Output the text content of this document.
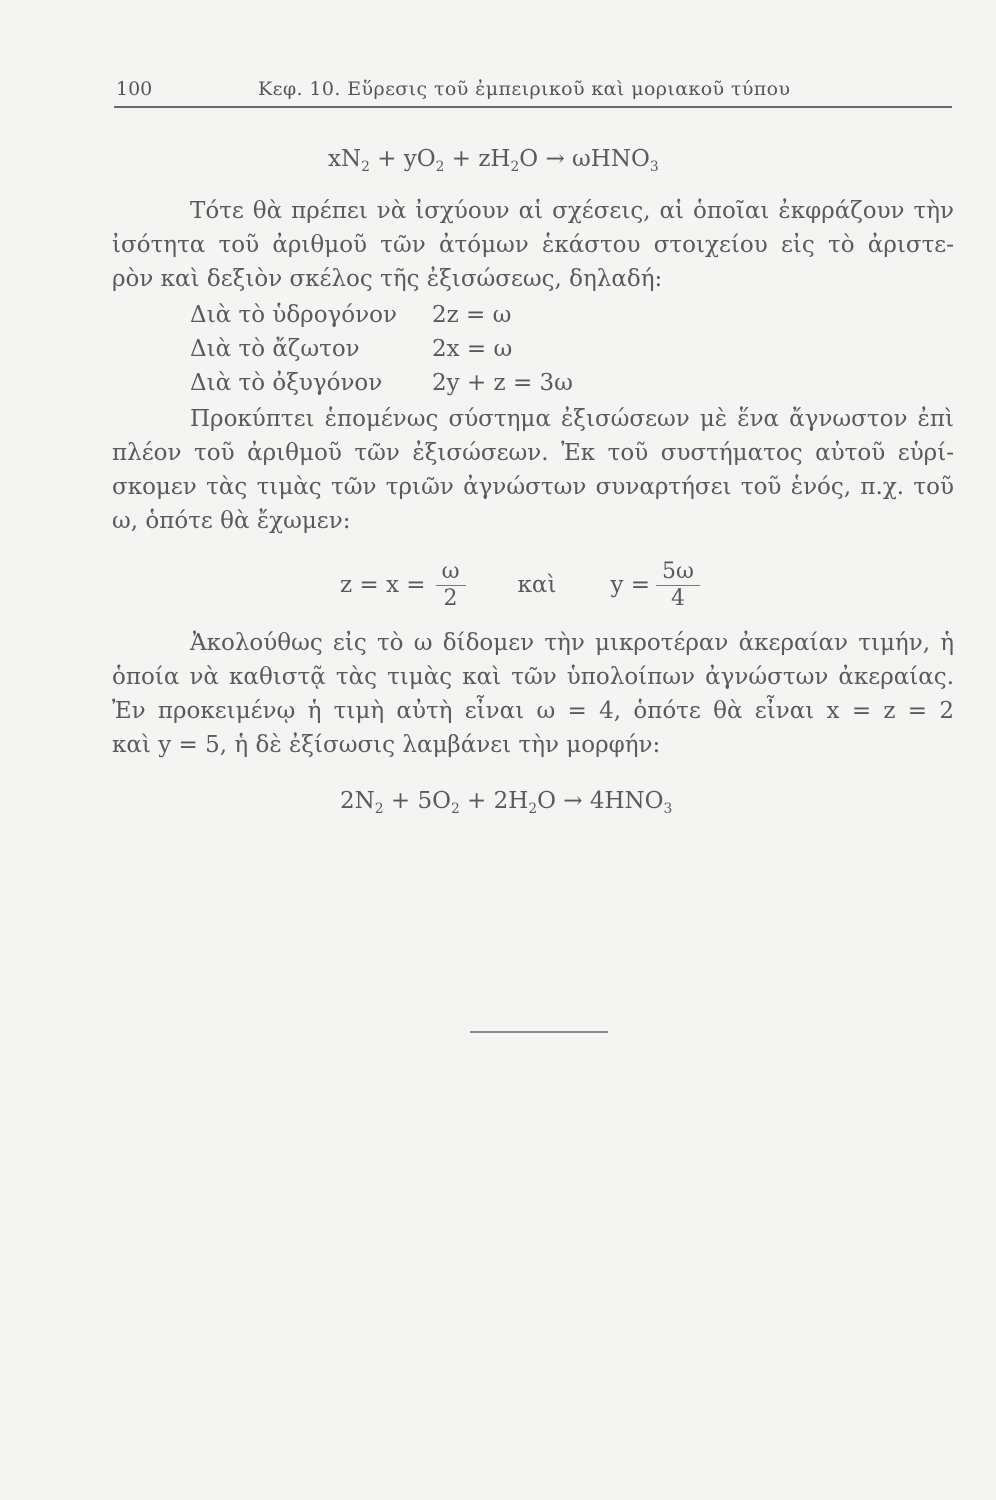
100	Κεφ. 10. Εὕρεσις τοῦ ἐμπειρικοῦ καὶ μοριακοῦ τύπου
$xN_2 + yO_2 + zH_2O \to \omega HNO_3$
Τότε θὰ πρέπει νὰ ἰσχύουν αἱ σχέσεις, αἱ ὁποῖαι ἐκφράζουν τὴν
ἰσότητα τοῦ ἀριθμοῦ τῶν ἀτόμων ἑκάστου στοιχείου εἰς τὸ ἀριστε-
ρὸν καὶ δεξιὸν σκέλος τῆς ἐξισώσεως, δηλαδή:
Διὰ τὸ ὑδρογόνον 2z = ω
Διὰ τὸ ἄζωτον	2x = ω
Διὰ τὸ ὀξυγόνον 2y + z = 3ω
Προκύπτει ἑπομένως σύστημα ἐξισώσεων μὲ ἕνα ἄγνωστον ἐπὶ
πλέον τοῦ ἀριθμοῦ τῶν ἐξισώσεων. Ἐκ τοῦ συστήματος αὐτοῦ εὑρί-
σκομεν τὰς τιμὰς τῶν τριῶν ἀγνώστων συναρτήσει τοῦ ἑνός, π.χ. τοῦ
ω, ὁπότε θὰ ἔχωμεν:
$z = x = \frac{\omega}{2}$ καὶ $y = \frac{5\omega}{4}$
Ἀκολούθως εἰς τὸ ω δίδομεν τὴν μικροτέραν ἀκεραίαν τιμήν, ἡ
ὁποία νὰ καθιστᾷ τὰς τιμὰς καὶ τῶν ὑπολοίπων ἀγνώστων ἀκεραίας.
Ἐν προκειμένῳ ἡ τιμὴ αὐτὴ εἶναι ω = 4, ὁπότε θὰ εἶναι x = z = 2
καὶ y = 5, ἡ δὲ ἐξίσωσις λαμβάνει τὴν μορφήν:
$2N_2 + 5O_2 + 2H_2O \to 4HNO_3$
